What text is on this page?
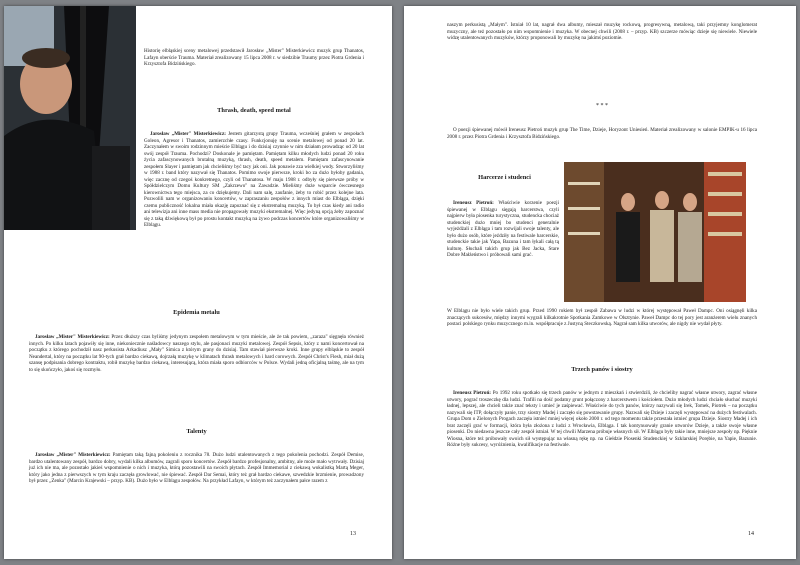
Historię elbląskiej sceny metalowej przedstawił Jarosław „Mister" Misterkiewicz muzyk grup Thanatos, Lafayn oberście Trauma. Materiał zrealizowany 15 lipca 2008 r. w siedzibie Traumy przez Piotra Grdenia i Krzysztofa Bidzińskiego.

Thrash, death, speed metal

Jarosław „Mister" Misterkiewicz: Jestem gitarzystą grupy Trauma, wcześniej grałem w zespołach Goleon, Agresor i Thanatos, zamierzchłe czasy. Funkcjonuję na scenie metalowej od ponad 20 lat. Zaczynałem w swoim rodzinnym mieście Elblągu i do dzisiaj czynnie w nim działam prowadząc od 20 lat swój zespół Trauma. Pochodzi? Doskonale je pamiętam. Pamiętam kilku młodych ludzi ponad 20 roku życia zafascynowanych brutalną muzyką, thrash, death, speed metalem. Pamiętam zafascynowanie zespołem Slayer i pamiętam jak chcieliśmy być tacy jak oni. Jak ponawie zza wielkiej wody. Stworzyliśmy w 1988 r. band który nazywał się Thanatos. Pomimo swoje pierwsze, kroki bo za dużo byłoby gadania, więc zacznę od czegoś konkretnego, czyli od Thanatosa. W maju 1988 r. odbyły się pierwsze próby w Spółdzielczym Domu Kultury SM „Zakrzewo" na Zawadzie. Mieliśmy duże wsparcie ówczesnego kierownictwa tego miejsca, za co dziękujemy. Dali nam salę, zaufanie, żeby to robić przez kolejne lata. Pozwolili nam w organizowaniu koncertów, w zapraszaniu zespołów z innych miast do Elbląga, dzięki czemu publiczność lokalna miała okazję zapoznać się z ekstremalną muzyką. To był czas kiedy ani radio ani telewizja ani inne mass media nie propagowały muzyki ekstremalnej. Więc jedyną opcją żeby zapoznać się z taką dźwiękową był po prostu kontakt muzyką na żywo podczas koncertów które organizowaliśmy w Elblągu.

Epidemia metalu

Jarosław „Mister" Misterkiewicz: Przez dłuższy czas byliśmy jedynym zespołem metalowym w tym mieście, ale że tak powiem, „zaraza" sięgnęła również innych. Po kilku latach pojawiły się inne, niekoniecznie naśladowcy naszego stylu, ale pasjonaci muzyki metalowej. Zespół Sepsis, który z nami koncertował na początku z którego pochodził nasz perkusista Arkadiusz „Mały" Simica z którym grany do dzisiaj. Tam stawiał pierwsze kroki. Inne grupy elbląskie to zespół Neandertal, który na początku lat 90-tych grał bardzo ciekawą, dojrzałą muzykę w klimatach thrash metalowych i hard corowych. Zespół Christ's Flesh, miał dużą szansę podpisania dobrego kontraktu, robił muzykę bardzo ciekawą, interesującą, która miała sporo odbiorców w Polsce. Wydali jedną oficjalną taśmę, ale na tym to się skończyło, jakoś się rozmyło.

Talenty

Jarosław „Mister" Misterkiewicz: Pamiętam taką fajną pokoleniu z rocznika 78. Dużo ludzi utalentowanych z tego pokolenia pochodzi. Zespół Demise, bardzo utalentowany zespół, bardzo dobry, wydali kilka albumów, zagrali sporo koncertów. Zespół bardzo profesjonalny, ambitny, ale może mało wytrwały. Dzisiaj już ich nie ma, ale pozostało jakieś wspomnienie o nich i muzyka, którą pozostawili na swoich płytach. Zespół Immemorial z ciekawą wokalistką Martą Meger, który jako jedna z pierwszych w tym kraju zaczęła growlować, nie śpiewać. Zespół Dar Semai, który też grał bardzo ciekawe, szwedzkie brzmienie, prowadzony był przez „Zenka" (Marcin Krajewski – przyp. KB). Dużo było w Elblągu zespołów. Na przykład Lafayn, w którym też zaczynałem pałce razem z

13

naszym perkusistą „Małym". Istniał 10 lat, nagrał dwa albumy, mieszał muzykę rockową, progresywną, metalową, taki przyjemny konglomerat muzyczny, ale też pozostało po nim wspomnienie i muzyka. W obecnej chwili (2008 r. – przyp. KB) szczerze mówiąc dzieje się niewiele. Niewiele widzę utalentowanych muzyków, którzy proponowali by muzykę na jakimś poziomie.

* * *

O poezji śpiewanej mówił Ireneusz Pietroń muzyk grup The Time, Dzieje, Horyzont Uniesień. Materiał zrealizowany w salonie EMPIK-u 16 lipca 2008 r. przez Piotra Grdenia i Krzysztofa Bidzińskiego.

Harcerze i studenci

Ireneusz Pietroń: Właściwie korzenie poezji śpiewanej w Elblągu sięgają harcerstwa, czyli najpierw była piosenka turystyczna, studencka chociaż studenckiej dużo mniej bo studenci generalnie wyjeżdżali z Elbląga i tam rozwijali swoje talenty, ale było dużo osób, które jeździły na festiwale harcerskie, studenckie takie jak Yapa, Bazuna i tam łykali całą tą kulturę. Słuchali takich grup jak Bez Jacka, Stare Dobre Małżeństwo i próbowali sami grać.

W Elblągu nie było wiele takich grup. Przed 1990 rokiem był zespół Zabawa w ludzi w której występował Paweł Dampc. Oni osiągnęli kilka znaczących sukcesów, między innymi wygrali kilkakrotnie Spotkania Zamkowe w Olsztynie. Paweł Dampc do tej pory jest aranżerem wielu znanych postaci polskiego rynku muzycznego m.in. współpracuje z Justyną Steczkowską. Nagrał sam kilka utworów, ale nigdy nie wydał płyty.

Trzech panów i siostry

Ireneusz Pietroń: Po 1992 roku spotkało się trzech panów w jednym z mieszkań i stwierdzili, że chcieliby nagrać własne utwory, zagrać własne utwory, pograć troszeczkę dla ludzi. Trafili na dość podatny grunt połączony z harcerstwem i kościołem. Dużo młodych ludzi chciało słuchać muzyki ładnej, lepszej, ale chcieli także znać teksty i umieć je zaśpiewać. Właściwie do tych panów, którzy nazywali się Irek, Tomek, Piotrek – na początku nazywali się ITP, dołączyły panie, trzy siostry Madej i zaczęło się powstawanie grupy. Nazwali się Dzieje i zaczęli występować na dużych festiwalach. Grupa Dom o Zielonych Progach zaczęła istnieć mniej więcej około 2000 r. od tego momentu także przestała istnieć grupa Dzieje. Siostry Madej i ich brat zaczęli grać w formacji, która była złożona z ludzi z Wrocławia, Elbląga. I tak kontynuowały granie utworów Dzieje, a także swoje własne piosenki. Do niedawna jeszcze cały zespół istniał. W tej chwili Marzena próbuje własnych sił. W Elblągu były takie inne, mniejsze zespoły np. Pięknie Wiosna, które też próbowały swoich sił występując na własną rękę np. na Giełdzie Piosenki Studenckiej w Szklarskiej Porębie, na Yapie, Bazunie. Różne były sukcesy, wyróżnienia, kwalifikacje na festiwale.

14
